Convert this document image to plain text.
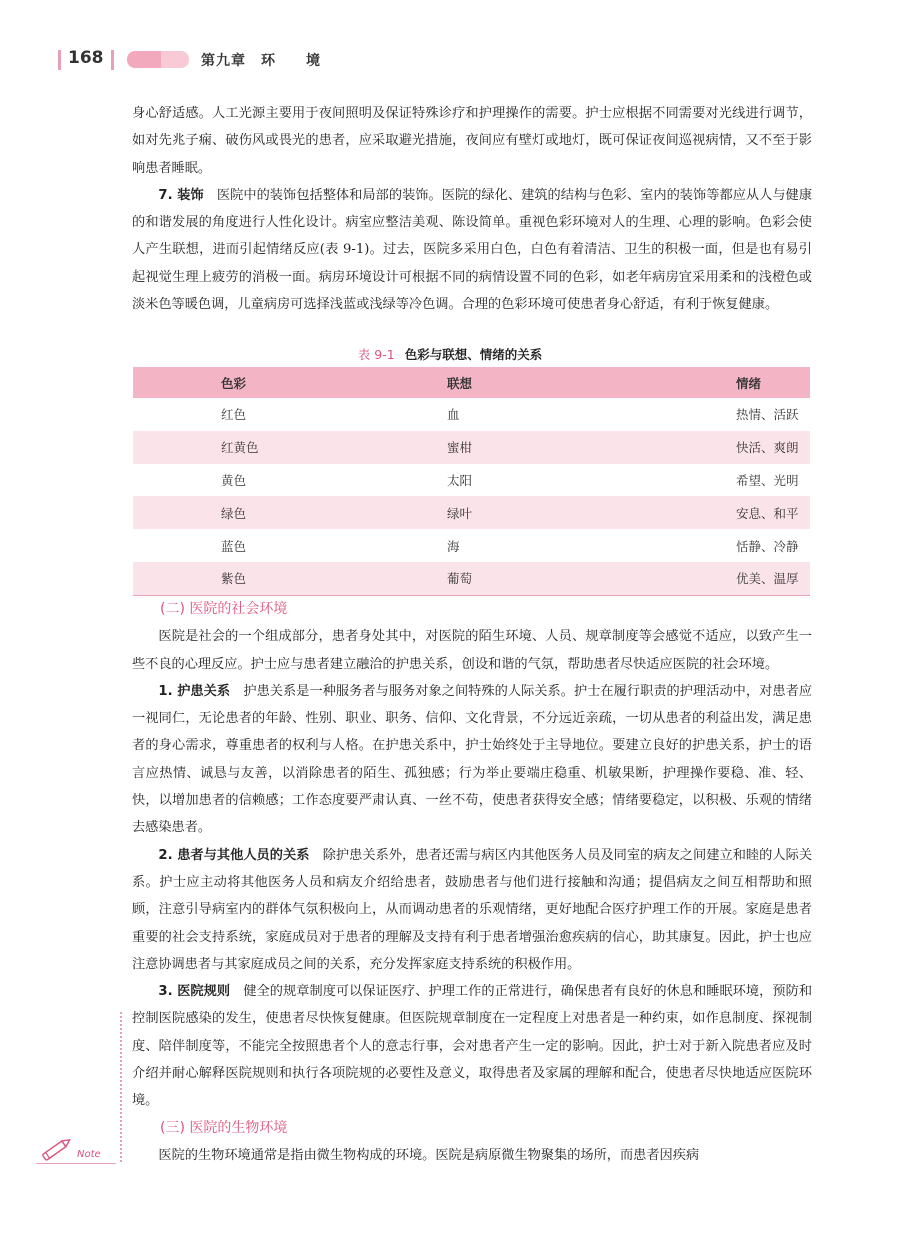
168	第九章　环　　境

身心舒适感。人工光源主要用于夜间照明及保证特殊诊疗和护理操作的需要。护士应根据不同需要对光线进行调节，如对先兆子痫、破伤风或畏光的患者，应采取避光措施，夜间应有壁灯或地灯，既可保证夜间巡视病情，又不至于影响患者睡眠。

7. 装饰　 医院中的装饰包括整体和局部的装饰。医院的绿化、建筑的结构与色彩、室内的装饰等都应从人与健康的和谐发展的角度进行人性化设计。病室应整洁美观、陈设简单。重视色彩环境对人的生理、心理的影响。色彩会使人产生联想，进而引起情绪反应(表 9-1)。过去，医院多采用白色，白色有着清洁、卫生的积极一面，但是也有易引起视觉生理上疲劳的消极一面。病房环境设计可根据不同的病情设置不同的色彩，如老年病房宜采用柔和的浅橙色或淡米色等暖色调，儿童病房可选择浅蓝或浅绿等冷色调。合理的色彩环境可使患者身心舒适，有利于恢复健康。

表 9-1 色彩与联想、情绪的关系
色彩	联想	情绪
红色	血	热情、活跃
红黄色	蜜柑	快活、爽朗
黄色	太阳	希望、光明
绿色	绿叶	安息、和平
蓝色	海	恬静、冷静
紫色	葡萄	优美、温厚

(二) 医院的社会环境

医院是社会的一个组成部分，患者身处其中，对医院的陌生环境、人员、规章制度等会感觉不适应，以致产生一些不良的心理反应。护士应与患者建立融洽的护患关系，创设和谐的气氛，帮助患者尽快适应医院的社会环境。

1. 护患关系　 护患关系是一种服务者与服务对象之间特殊的人际关系。护士在履行职责的护理活动中，对患者应一视同仁，无论患者的年龄、性别、职业、职务、信仰、文化背景，不分远近亲疏，一切从患者的利益出发，满足患者的身心需求，尊重患者的权利与人格。在护患关系中，护士始终处于主导地位。要建立良好的护患关系，护士的语言应热情、诚恳与友善，以消除患者的陌生、孤独感；行为举止要端庄稳重、机敏果断，护理操作要稳、准、轻、快，以增加患者的信赖感；工作态度要严肃认真、一丝不苟，使患者获得安全感；情绪要稳定，以积极、乐观的情绪去感染患者。

2. 患者与其他人员的关系　 除护患关系外，患者还需与病区内其他医务人员及同室的病友之间建立和睦的人际关系。护士应主动将其他医务人员和病友介绍给患者，鼓励患者与他们进行接触和沟通；提倡病友之间互相帮助和照顾，注意引导病室内的群体气氛积极向上，从而调动患者的乐观情绪，更好地配合医疗护理工作的开展。家庭是患者重要的社会支持系统，家庭成员对于患者的理解及支持有利于患者增强治愈疾病的信心，助其康复。因此，护士也应注意协调患者与其家庭成员之间的关系，充分发挥家庭支持系统的积极作用。

3. 医院规则　 健全的规章制度可以保证医疗、护理工作的正常进行，确保患者有良好的休息和睡眠环境，预防和控制医院感染的发生，使患者尽快恢复健康。但医院规章制度在一定程度上对患者是一种约束，如作息制度、探视制度、陪伴制度等，不能完全按照患者个人的意志行事，会对患者产生一定的影响。因此，护士对于新入院患者应及时介绍并耐心解释医院规则和执行各项院规的必要性及意义，取得患者及家属的理解和配合，使患者尽快地适应医院环境。

(三) 医院的生物环境

医院的生物环境通常是指由微生物构成的环境。医院是病原微生物聚集的场所，而患者因疾病

Note
